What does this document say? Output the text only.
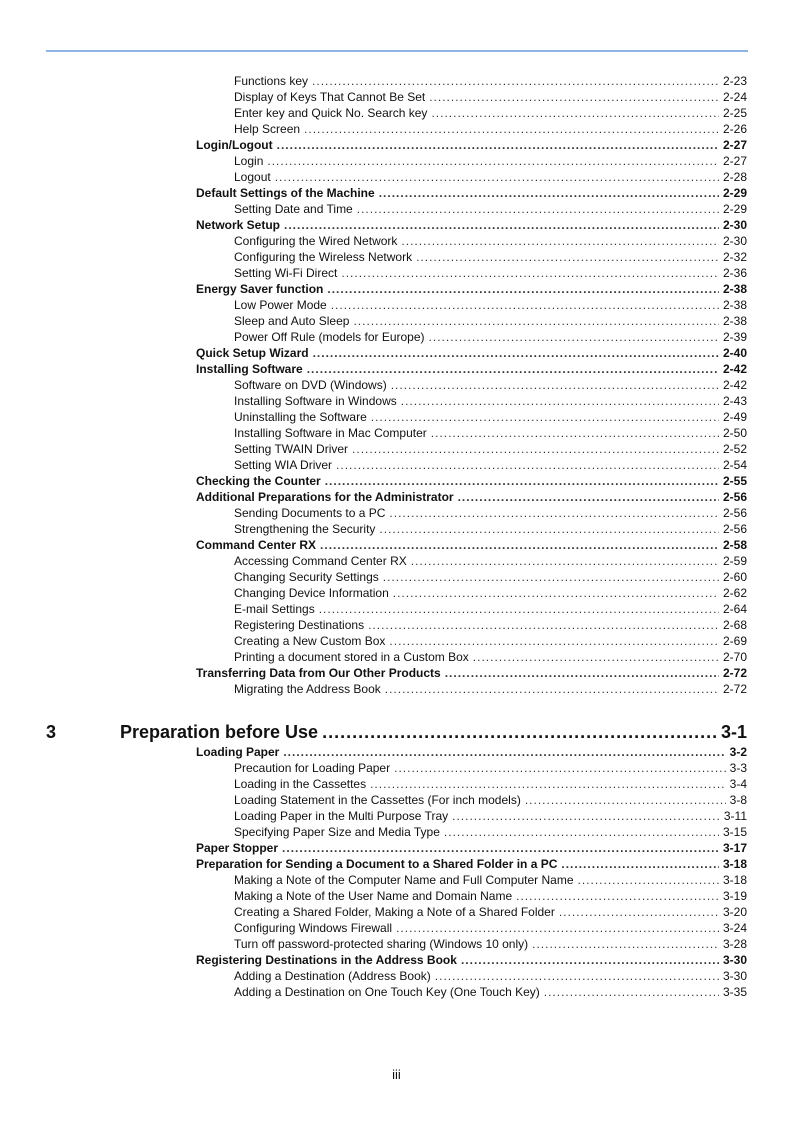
Functions key .....	2-23
Display of Keys That Cannot Be Set .....	2-24
Enter key and Quick No. Search key .....	2-25
Help Screen .....	2-26
Login/Logout .....	2-27
Login .....	2-27
Logout .....	2-28
Default Settings of the Machine .....	2-29
Setting Date and Time .....	2-29
Network Setup .....	2-30
Configuring the Wired Network .....	2-30
Configuring the Wireless Network .....	2-32
Setting Wi-Fi Direct .....	2-36
Energy Saver function .....	2-38
Low Power Mode .....	2-38
Sleep and Auto Sleep .....	2-38
Power Off Rule (models for Europe) .....	2-39
Quick Setup Wizard .....	2-40
Installing Software .....	2-42
Software on DVD (Windows) .....	2-42
Installing Software in Windows .....	2-43
Uninstalling the Software .....	2-49
Installing Software in Mac Computer .....	2-50
Setting TWAIN Driver .....	2-52
Setting WIA Driver .....	2-54
Checking the Counter .....	2-55
Additional Preparations for the Administrator .....	2-56
Sending Documents to a PC .....	2-56
Strengthening the Security .....	2-56
Command Center RX .....	2-58
Accessing Command Center RX .....	2-59
Changing Security Settings .....	2-60
Changing Device Information .....	2-62
E-mail Settings .....	2-64
Registering Destinations .....	2-68
Creating a New Custom Box .....	2-69
Printing a document stored in a Custom Box .....	2-70
Transferring Data from Our Other Products .....	2-72
Migrating the Address Book .....	2-72
3	Preparation before Use .....	3-1
Loading Paper .....	3-2
Precaution for Loading Paper .....	3-3
Loading in the Cassettes .....	3-4
Loading Statement in the Cassettes (For inch models) .....	3-8
Loading Paper in the Multi Purpose Tray .....	3-11
Specifying Paper Size and Media Type .....	3-15
Paper Stopper .....	3-17
Preparation for Sending a Document to a Shared Folder in a PC .....	3-18
Making a Note of the Computer Name and Full Computer Name .....	3-18
Making a Note of the User Name and Domain Name .....	3-19
Creating a Shared Folder, Making a Note of a Shared Folder .....	3-20
Configuring Windows Firewall .....	3-24
Turn off password-protected sharing (Windows 10 only) .....	3-28
Registering Destinations in the Address Book .....	3-30
Adding a Destination (Address Book) .....	3-30
Adding a Destination on One Touch Key (One Touch Key) .....	3-35
iii
